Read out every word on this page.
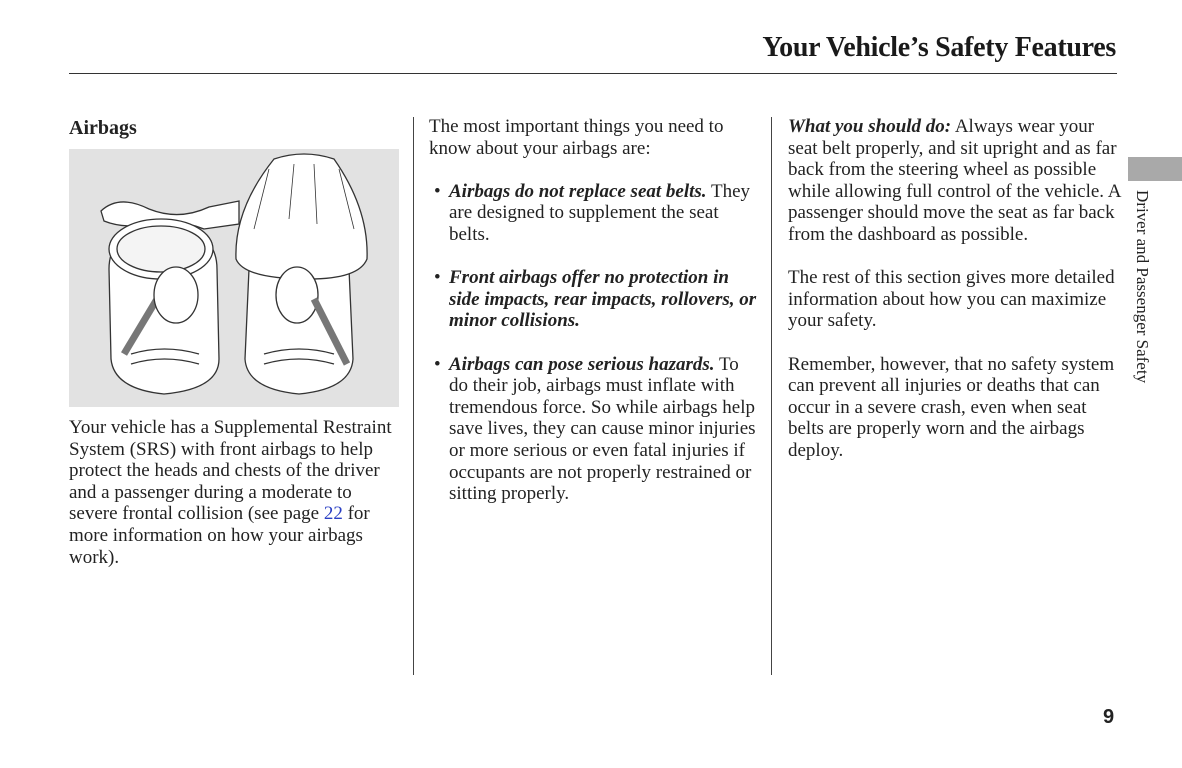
Your Vehicle’s Safety Features
Airbags

Your vehicle has a Supplemental Restraint System (SRS) with front airbags to help protect the heads and chests of the driver and a passenger during a moderate to severe frontal collision (see page 22 for more information on how your airbags work).

The most important things you need to know about your airbags are:

• Airbags do not replace seat belts. They are designed to supplement the seat belts.
• Front airbags offer no protection in side impacts, rear impacts, rollovers, or minor collisions.
• Airbags can pose serious hazards. To do their job, airbags must inflate with tremendous force. So while airbags help save lives, they can cause minor injuries or more serious or even fatal injuries if occupants are not properly restrained or sitting properly.

What you should do: Always wear your seat belt properly, and sit upright and as far back from the steering wheel as possible while allowing full control of the vehicle. A passenger should move the seat as far back from the dashboard as possible.

The rest of this section gives more detailed information about how you can maximize your safety.

Remember, however, that no safety system can prevent all injuries or deaths that can occur in a severe crash, even when seat belts are properly worn and the airbags deploy.

Driver and Passenger Safety
9
